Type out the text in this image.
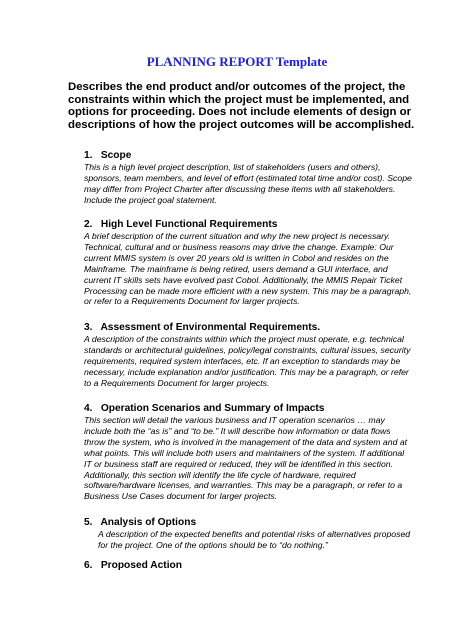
PLANNING REPORT Template
Describes the end product and/or outcomes of the project, the constraints within which the project must be implemented, and options for proceeding. Does not include elements of design or descriptions of how the project outcomes will be accomplished.
1. Scope

This is a high level project description, list of stakeholders (users and others), sponsors, team members, and level of effort (estimated total time and/or cost). Scope may differ from Project Charter after discussing these items with all stakeholders. Include the project goal statement.

2. High Level Functional Requirements

A brief description of the current situation and why the new project is necessary. Technical, cultural and or business reasons may drive the change. Example: Our current MMIS system is over 20 years old is written in Cobol and resides on the Mainframe. The mainframe is being retired, users demand a GUI interface, and current IT skills sets have evolved past Cobol. Additionally, the MMIS Repair Ticket Processing can be made more efficient with a new system. This may be a paragraph, or refer to a Requirements Document for larger projects.

3. Assessment of Environmental Requirements.

A description of the constraints within which the project must operate, e.g. technical standards or architectural guidelines, policy/legal constraints, cultural issues, security requirements, required system interfaces, etc. If an exception to standards may be necessary, include explanation and/or justification. This may be a paragraph, or refer to a Requirements Document for larger projects.

4. Operation Scenarios and Summary of Impacts

This section will detail the various business and IT operation scenarios … may include both the “as is” and “to be.” It will describe how information or data flows throw the system, who is involved in the management of the data and system and at what points. This will include both users and maintainers of the system. If additional IT or business staff are required or reduced, they will be identified in this section. Additionally, this section will identify the life cycle of hardware, required software/hardware licenses, and warranties. This may be a paragraph, or refer to a Business Use Cases document for larger projects.

5. Analysis of Options

A description of the expected benefits and potential risks of alternatives proposed for the project. One of the options should be to “do nothing.”

6. Proposed Action
